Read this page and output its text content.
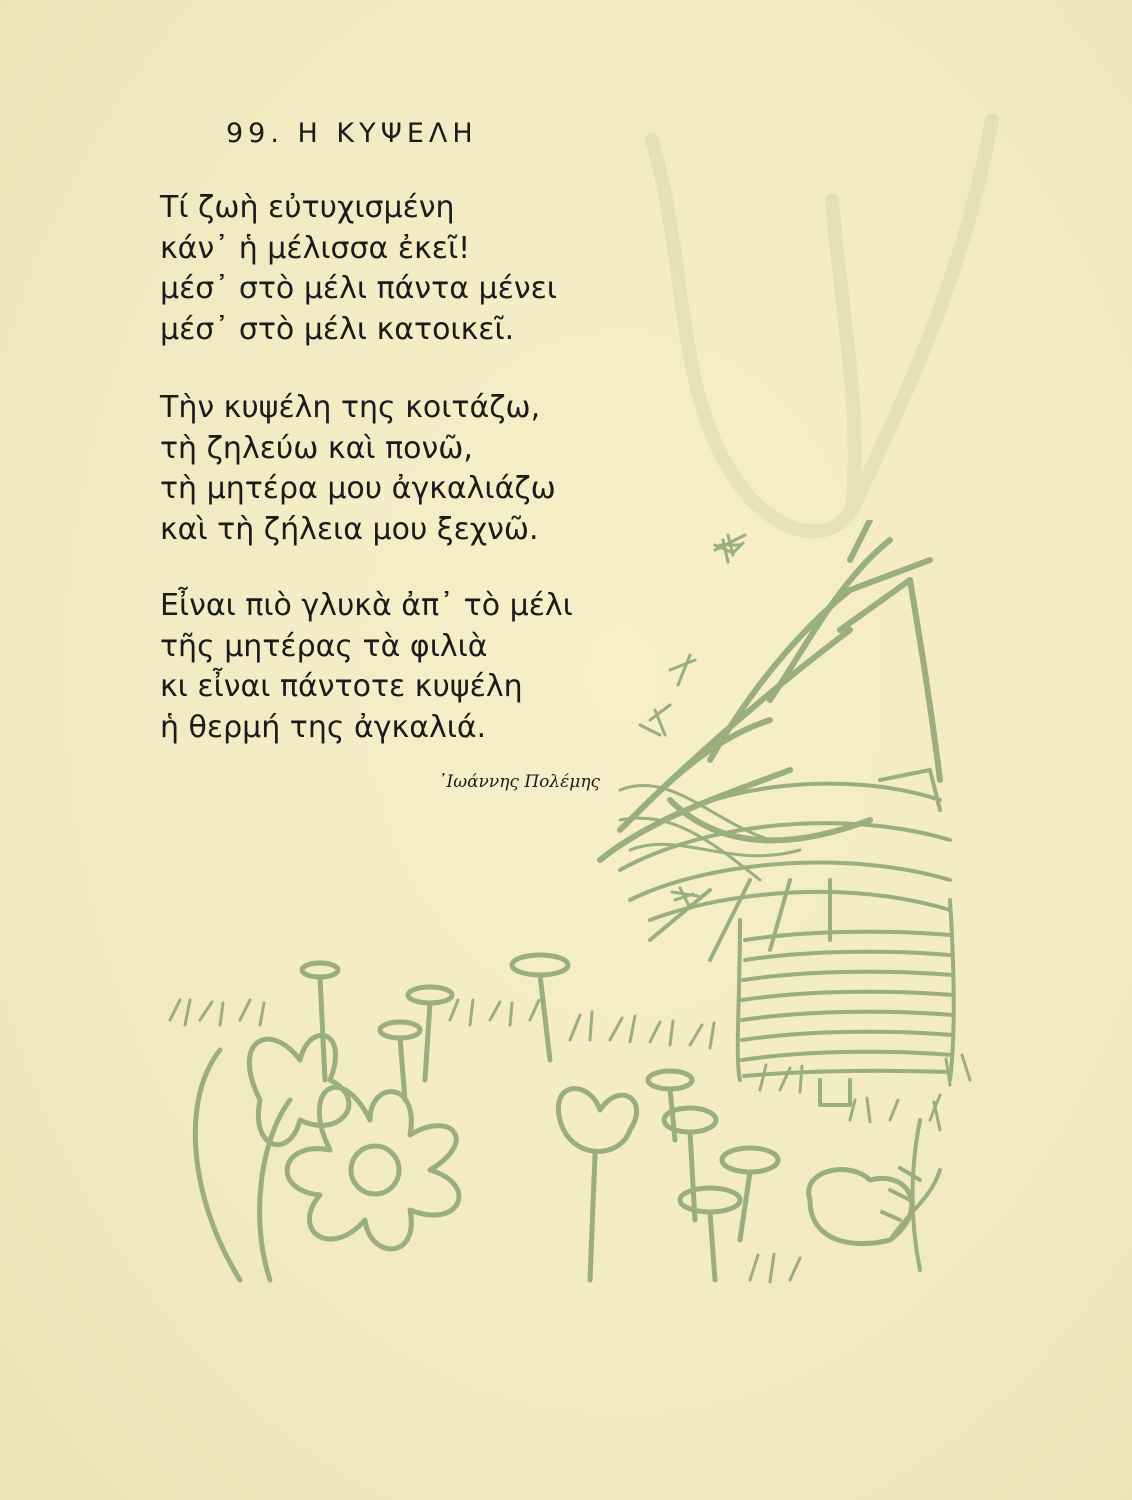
99. Η ΚΥΨΕΛΗ
Τί ζωὴ εὐτυχισμένη
κάν᾽ ἡ μέλισσα ἐκεῖ!
μέσ᾽ στὸ μέλι πάντα μένει
μέσ᾽ στὸ μέλι κατοικεῖ.
Τὴν κυψέλη της κοιτάζω,
τὴ ζηλεύω καὶ πονῶ,
τὴ μητέρα μου ἀγκαλιάζω
καὶ τὴ ζήλεια μου ξεχνῶ.
Εἶναι πιὸ γλυκὰ ἀπ᾽ τὸ μέλι
τῆς μητέρας τὰ φιλιὰ
κι εἶναι πάντοτε κυψέλη
ἡ θερμή της ἀγκαλιά.
᾿Ιωάννης Πολέμης
